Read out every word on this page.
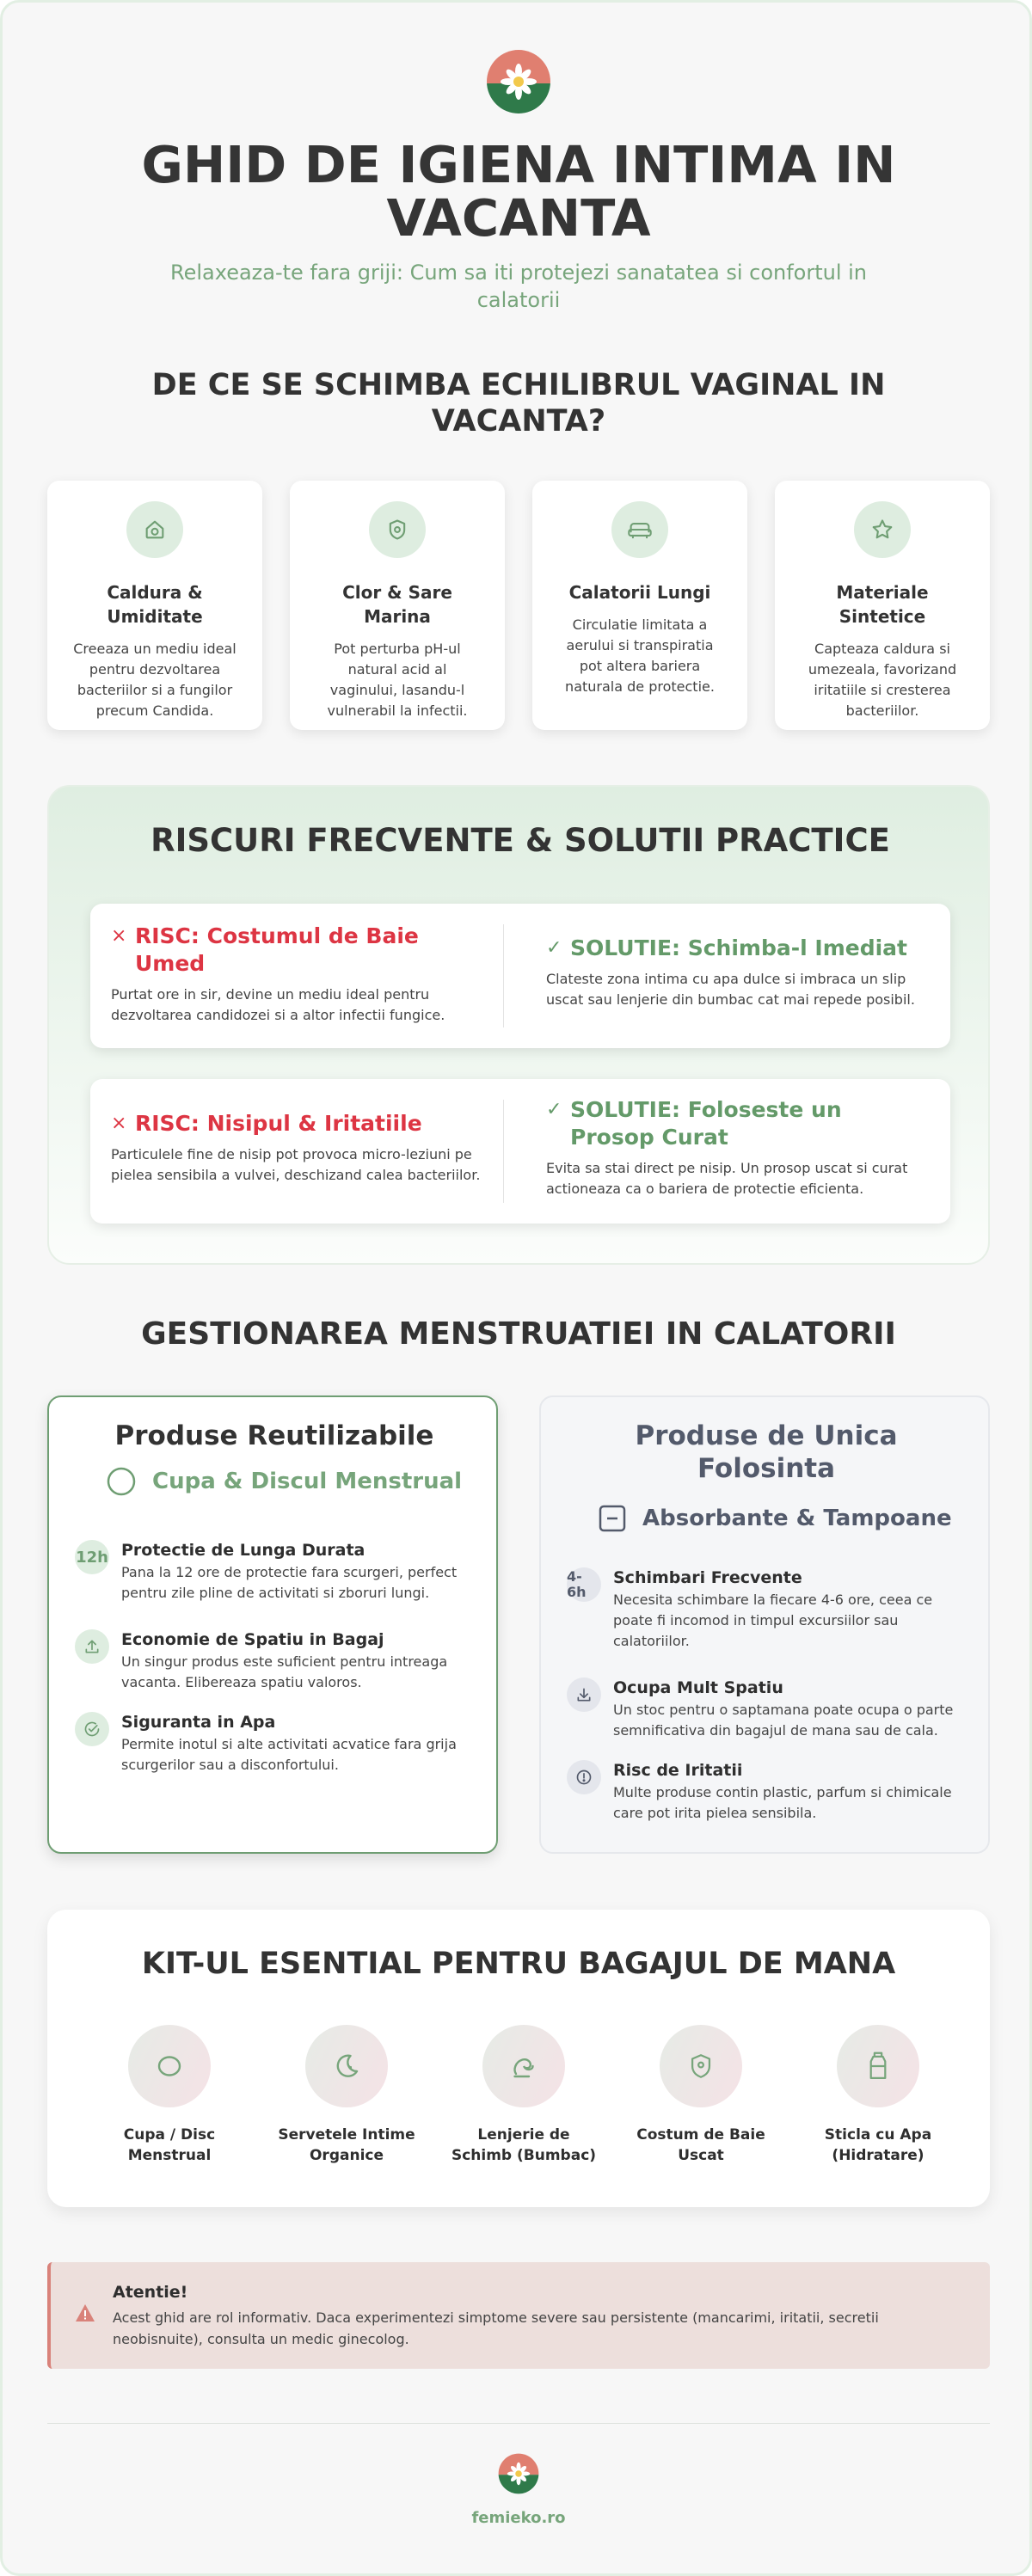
GHID DE IGIENA INTIMA IN VACANTA
Relaxeaza-te fara griji: Cum sa iti protejezi sanatatea si confortul in calatorii
DE CE SE SCHIMBA ECHILIBRUL VAGINAL IN VACANTA?
Caldura & Umiditate
Creeaza un mediu ideal pentru dezvoltarea bacteriilor si a fungilor precum Candida.
Clor & Sare Marina
Pot perturba pH-ul natural acid al vaginului, lasandu-l vulnerabil la infectii.
Calatorii Lungi
Circulatie limitata a aerului si transpiratia pot altera bariera naturala de protectie.
Materiale Sintetice
Capteaza caldura si umezeala, favorizand iritatiile si cresterea bacteriilor.
RISCURI FRECVENTE & SOLUTII PRACTICE
× RISC: Costumul de Baie Umed
Purtat ore in sir, devine un mediu ideal pentru dezvoltarea candidozei si a altor infectii fungice.
✓ SOLUTIE: Schimba-l Imediat
Clateste zona intima cu apa dulce si imbraca un slip uscat sau lenjerie din bumbac cat mai repede posibil.
× RISC: Nisipul & Iritatiile
Particulele fine de nisip pot provoca micro-leziuni pe pielea sensibila a vulvei, deschizand calea bacteriilor.
✓ SOLUTIE: Foloseste un Prosop Curat
Evita sa stai direct pe nisip. Un prosop uscat si curat actioneaza ca o bariera de protectie eficienta.
GESTIONAREA MENSTRUATIEI IN CALATORII
Produse Reutilizabile
Cupa & Discul Menstrual
12h Protectie de Lunga Durata
Pana la 12 ore de protectie fara scurgeri, perfect pentru zile pline de activitati si zboruri lungi.
Economie de Spatiu in Bagaj
Un singur produs este suficient pentru intreaga vacanta. Elibereaza spatiu valoros.
Siguranta in Apa
Permite inotul si alte activitati acvatice fara grija scurgerilor sau a disconfortului.
Produse de Unica Folosinta
Absorbante & Tampoane
4-6h
Schimbari Frecvente
Necesita schimbare la fiecare 4-6 ore, ceea ce poate fi incomod in timpul excursiilor sau calatoriilor.
Ocupa Mult Spatiu
Un stoc pentru o saptamana poate ocupa o parte semnificativa din bagajul de mana sau de cala.
Risc de Iritatii
Multe produse contin plastic, parfum si chimicale care pot irita pielea sensibila.
KIT-UL ESENTIAL PENTRU BAGAJUL DE MANA
Cupa / Disc Menstrual
Servetele Intime Organice
Lenjerie de Schimb (Bumbac)
Costum de Baie Uscat
Sticla cu Apa (Hidratare)
Atentie!
Acest ghid are rol informativ. Daca experimentezi simptome severe sau persistente (mancarimi, iritatii, secretii neobisnuite), consulta un medic ginecolog.
femieko.ro
